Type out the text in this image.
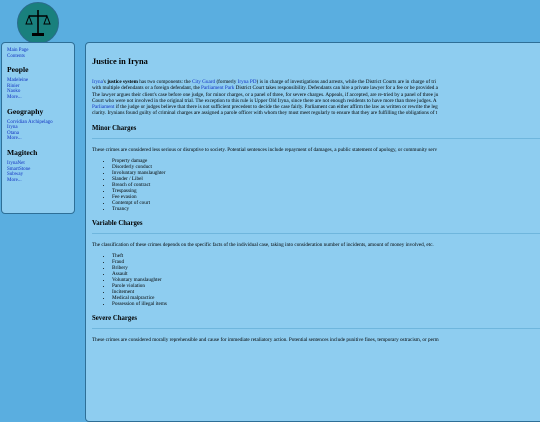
Main Page
Contents
People
Madeleine
Rinier
Naoko
More...
Geography
Corvidian Archipelago
Iryna
Otana
More...
Magitech
IrynaNet
SmartStone
Subway
More...
Justice in Iryna
Iryna's justice system has two components: the City Guard (formerly Iryna PD) is in charge of investigations and arrests, while the District Courts are in charge of tri
with multiple defendants or a foreign defendant, the Parliament Park District Court takes responsibility. Defendants can hire a private lawyer for a fee or be provided a
The lawyer argues their client's case before one judge, for minor charges, or a panel of three, for severe charges. Appeals, if accepted, are re-tried by a panel of three ju
Court who were not involved in the original trial. The exception to this rule is Upper Old Iryna, since there are not enough residents to have more than three judges. A
Parliament if the judge or judges believe that there is not sufficient precedent to decide the case fairly. Parliament can either affirm the law as written or rewrite the leg
clarity. Irynians found guilty of criminal charges are assigned a parole officer with whom they must meet regularly to ensure that they are fulfilling the obligations of t
Minor Charges

These crimes are considered less serious or disruptive to society. Potential sentences include repayment of damages, a public statement of apology, or community serv

• Property damage
• Disorderly conduct
• Involuntary manslaughter
• Slander / Libel
• Breach of contract
• Trespassing
• Fee evasion
• Contempt of court
• Truancy
Variable Charges

The classification of these crimes depends on the specific facts of the individual case, taking into consideration number of incidents, amount of money involved, etc.

• Theft
• Fraud
• Bribery
• Assault
• Voluntary manslaughter
• Parole violation
• Incitement
• Medical malpractice
• Possession of illegal items
Severe Charges

These crimes are considered morally reprehensible and cause for immediate retaliatory action. Potential sentences include punitive fines, temporary ostracism, or perm
